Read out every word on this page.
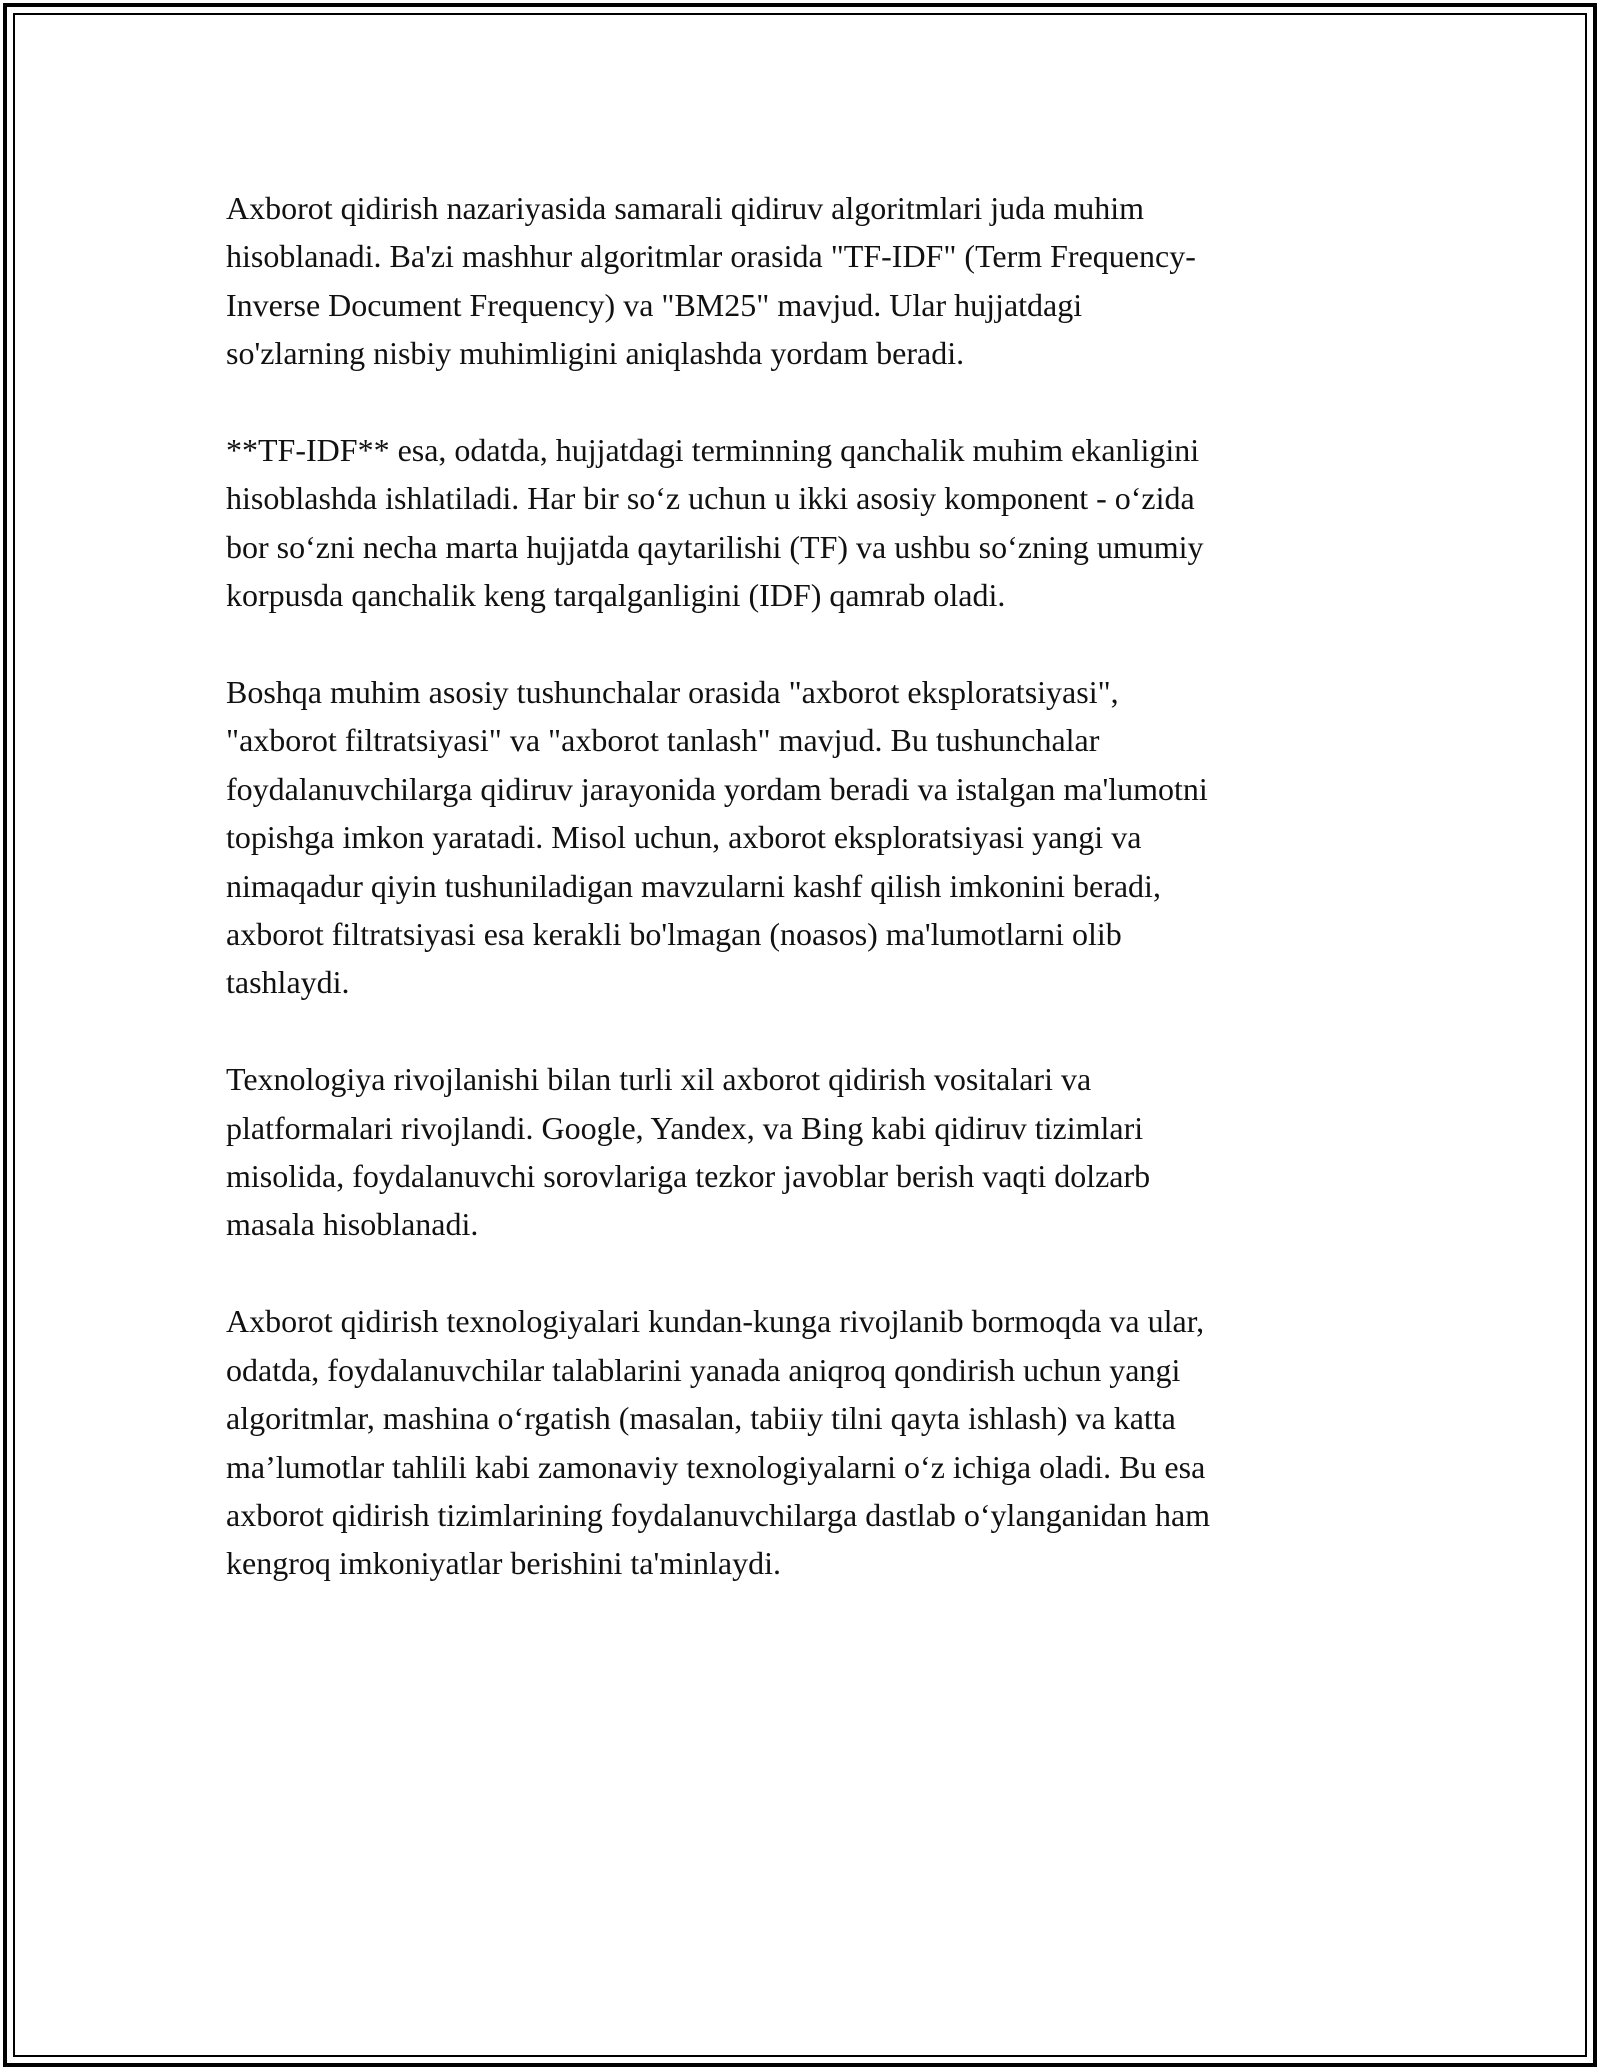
Axborot qidirish nazariyasida samarali qidiruv algoritmlari juda muhim
hisoblanadi. Ba'zi mashhur algoritmlar orasida "TF-IDF" (Term Frequency-
Inverse Document Frequency) va "BM25" mavjud. Ular hujjatdagi
so'zlarning nisbiy muhimligini aniqlashda yordam beradi.

**TF-IDF** esa, odatda, hujjatdagi terminning qanchalik muhim ekanligini
hisoblashda ishlatiladi. Har bir so‘z uchun u ikki asosiy komponent - o‘zida
bor so‘zni necha marta hujjatda qaytarilishi (TF) va ushbu so‘zning umumiy
korpusda qanchalik keng tarqalganligini (IDF) qamrab oladi.

Boshqa muhim asosiy tushunchalar orasida "axborot eksploratsiyasi",
"axborot filtratsiyasi" va "axborot tanlash" mavjud. Bu tushunchalar
foydalanuvchilarga qidiruv jarayonida yordam beradi va istalgan ma'lumotni
topishga imkon yaratadi. Misol uchun, axborot eksploratsiyasi yangi va
nimaqadur qiyin tushuniladigan mavzularni kashf qilish imkonini beradi,
axborot filtratsiyasi esa kerakli bo'lmagan (noasos) ma'lumotlarni olib
tashlaydi.

Texnologiya rivojlanishi bilan turli xil axborot qidirish vositalari va
platformalari rivojlandi. Google, Yandex, va Bing kabi qidiruv tizimlari
misolida, foydalanuvchi sorovlariga tezkor javoblar berish vaqti dolzarb
masala hisoblanadi.

Axborot qidirish texnologiyalari kundan-kunga rivojlanib bormoqda va ular,
odatda, foydalanuvchilar talablarini yanada aniqroq qondirish uchun yangi
algoritmlar, mashina o‘rgatish (masalan, tabiiy tilni qayta ishlash) va katta
ma’lumotlar tahlili kabi zamonaviy texnologiyalarni o‘z ichiga oladi. Bu esa
axborot qidirish tizimlarining foydalanuvchilarga dastlab o‘ylanganidan ham
kengroq imkoniyatlar berishini ta'minlaydi.
